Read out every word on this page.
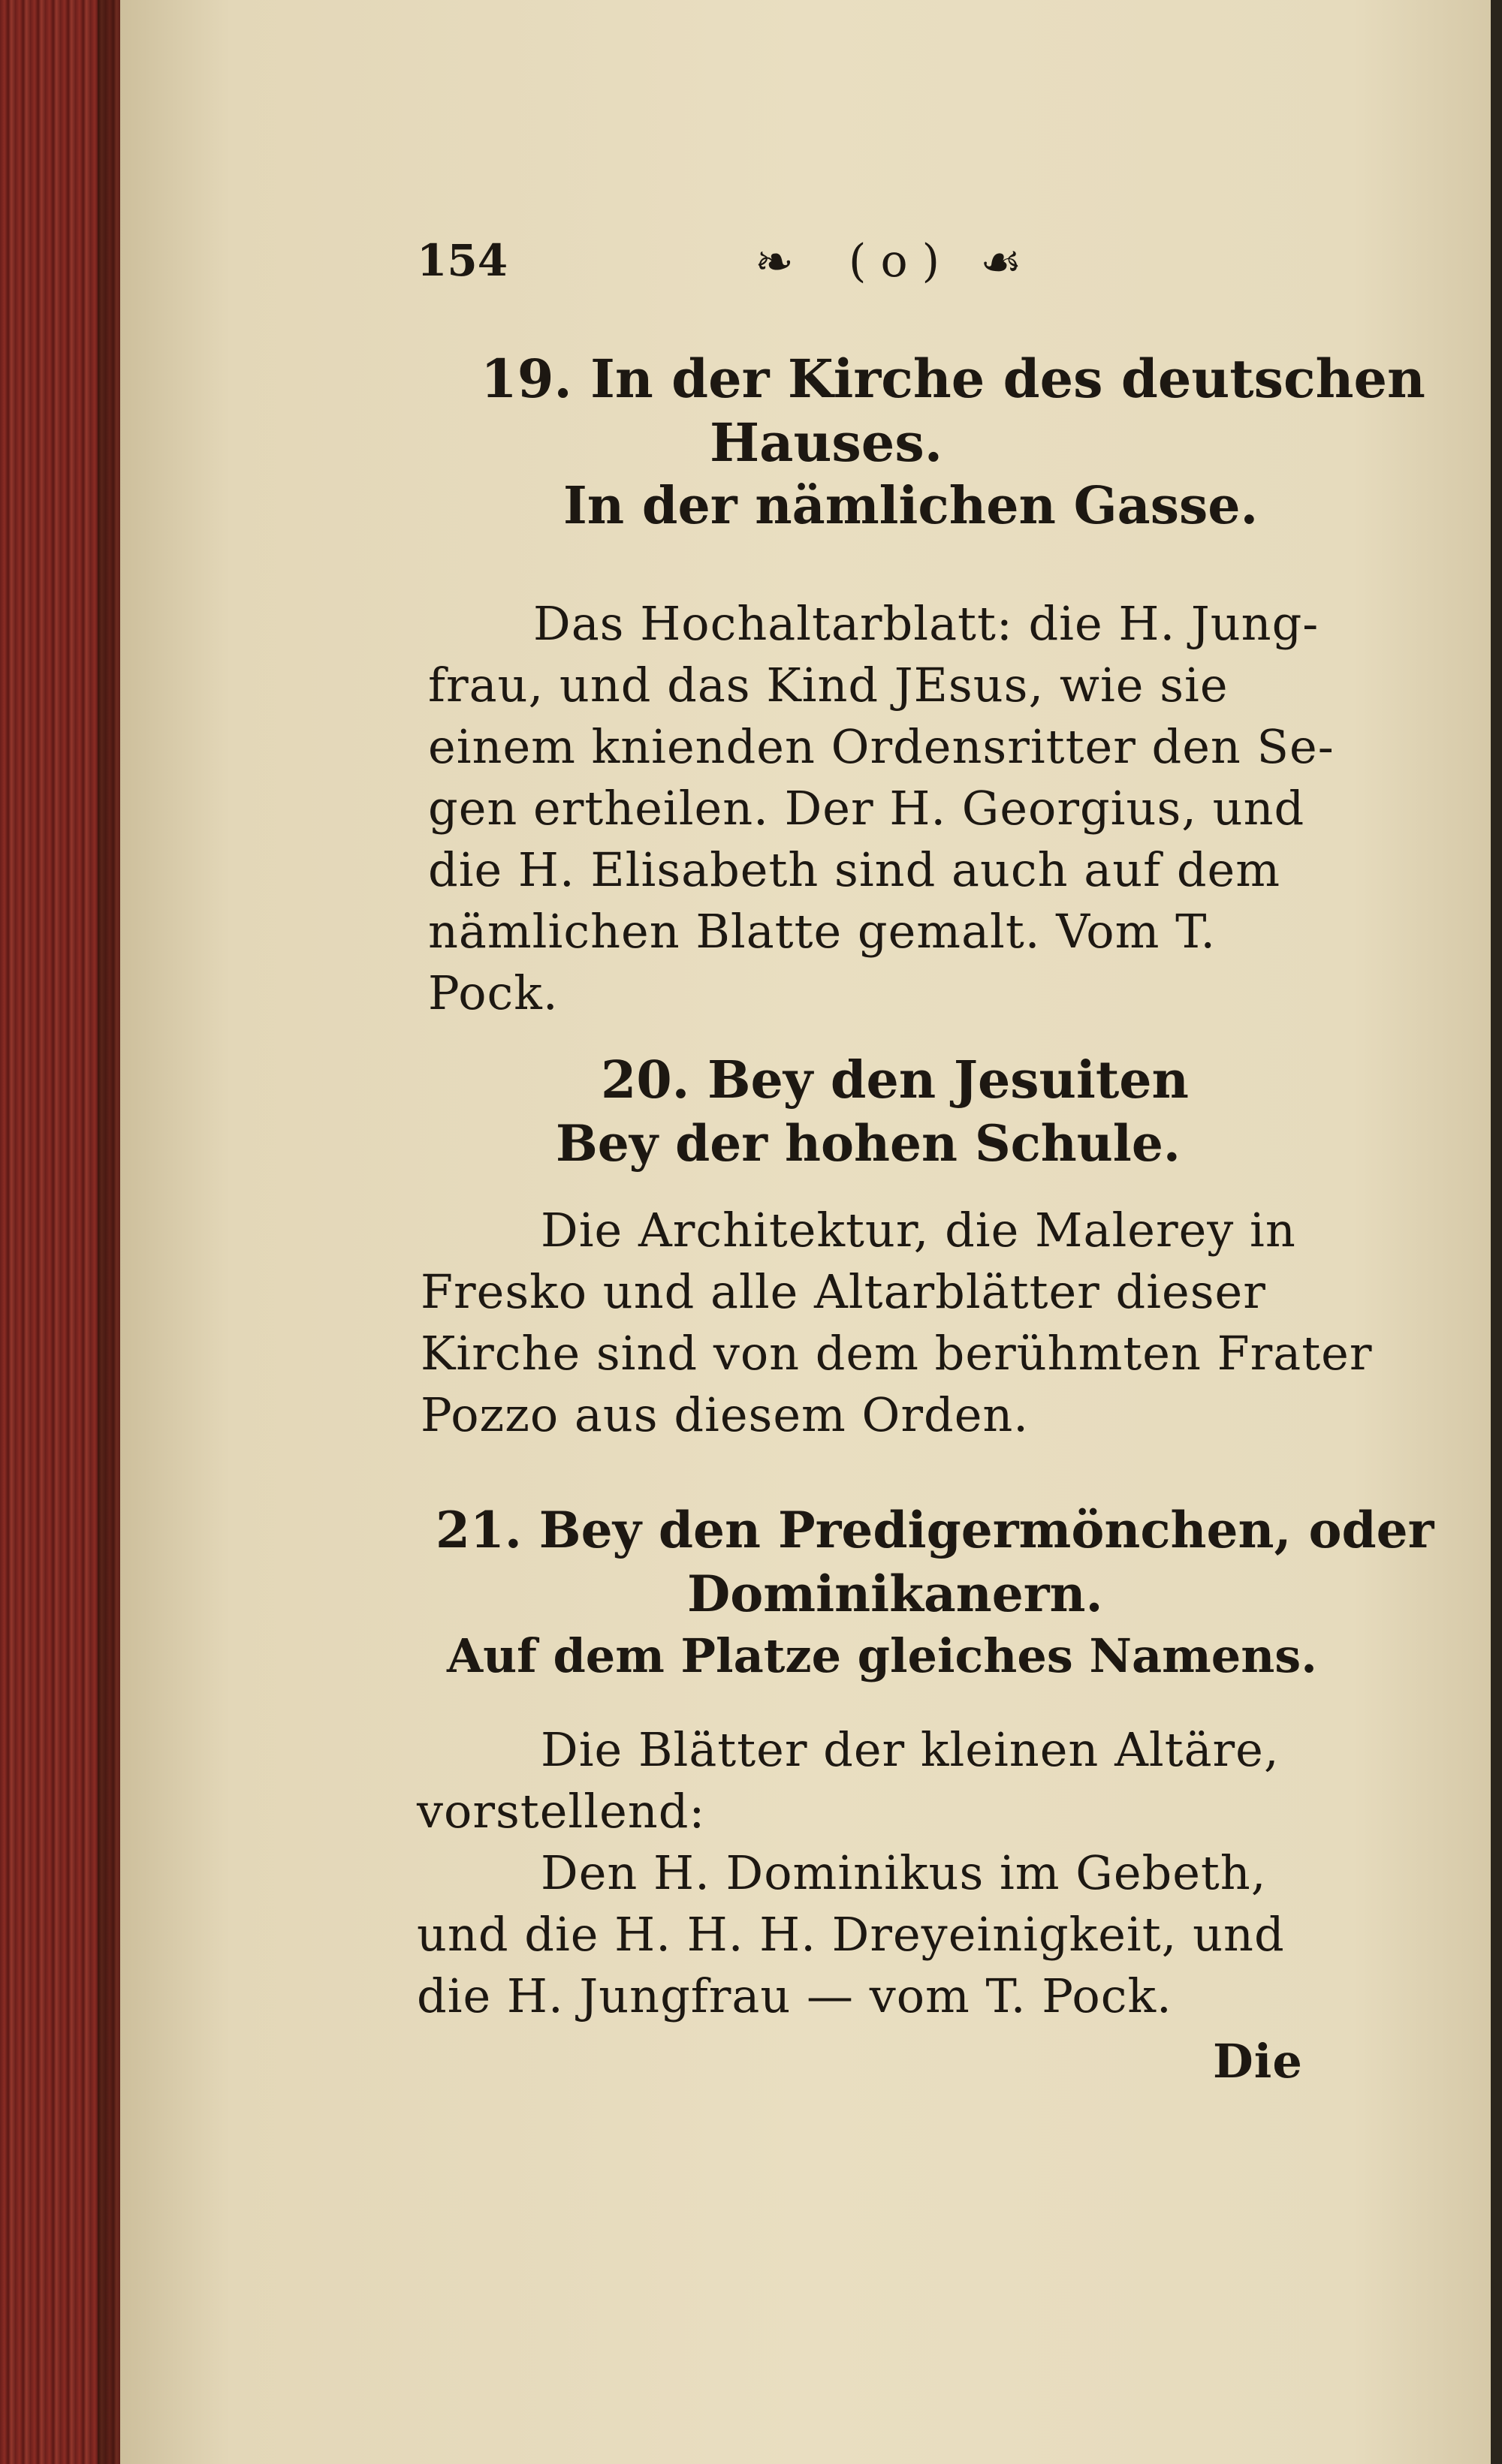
154	❧ ( o ) ☙
19. In der Kirche des deutschen
Hauses.
In der nämlichen Gasse.
Das Hochaltarblatt: die H. Jung-
frau, und das Kind JEsus, wie sie
einem knienden Ordensritter den Se-
gen ertheilen. Der H. Georgius, und
die H. Elisabeth sind auch auf dem
nämlichen Blatte gemalt. Vom T.
Pock.
20. Bey den Jesuiten
Bey der hohen Schule.
Die Architektur, die Malerey in
Fresko und alle Altarblätter dieser
Kirche sind von dem berühmten Frater
Pozzo aus diesem Orden.
21. Bey den Predigermönchen, oder
Dominikanern.
Auf dem Platze gleiches Namens.
Die Blätter der kleinen Altäre,
vorstellend:
Den H. Dominikus im Gebeth,
und die H. H. H. Dreyeinigkeit, und
die H. Jungfrau — vom T. Pock.
Die
